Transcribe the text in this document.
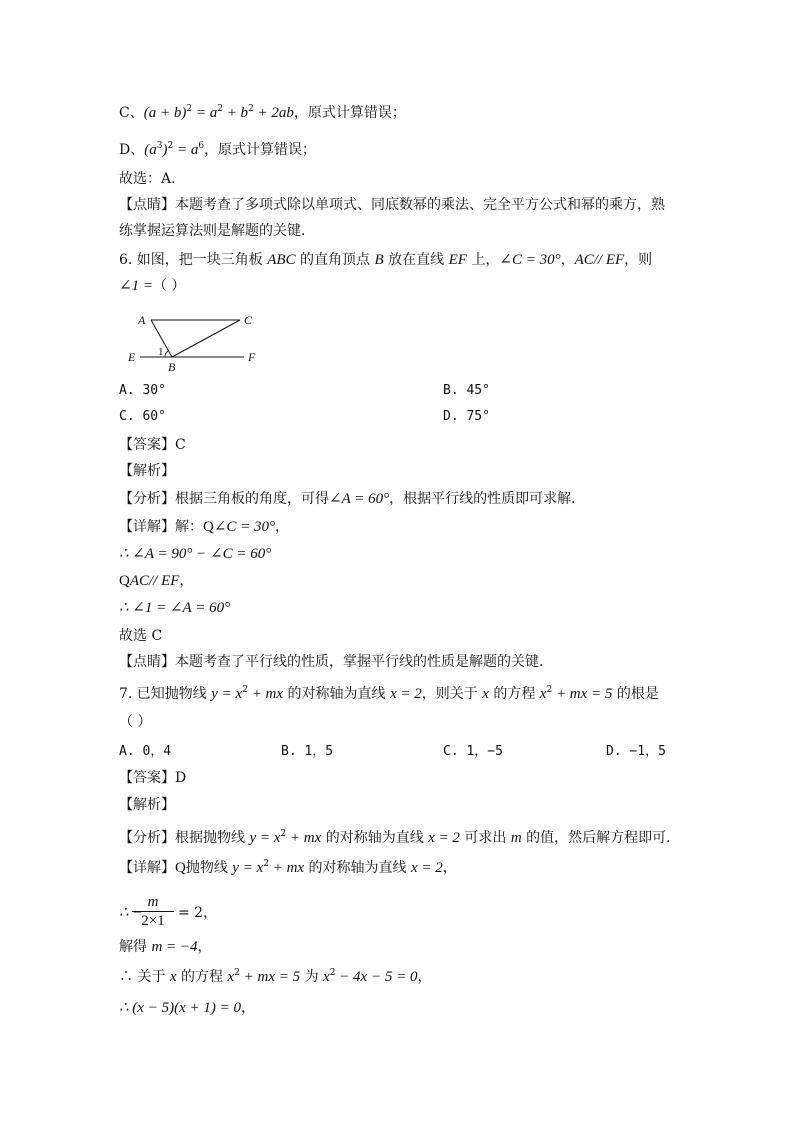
C、$(a + b)^2 = a^2 + b^2 + 2ab$，原式计算错误；
D、$(a^3)^2 = a^6$，原式计算错误；
故选：A．
【点睛】本题考查了多项式除以单项式、同底数幂的乘法、完全平方公式和幂的乘方，熟
练掌握运算法则是解题的关键．
6. 如图，把一块三角板 ABC 的直角顶点 B 放在直线 EF 上，∠C = 30°，AC// EF，则
∠1 =（ ）
【答案】C
【解析】
【分析】根据三角板的角度，可得∠A = 60°，根据平行线的性质即可求解．
【详解】解：Q∠C = 30°，
∴ ∠A = 90° − ∠C = 60°
QAC// EF，
∴ ∠1 = ∠A = 60°
故选 C
【点睛】本题考查了平行线的性质，掌握平行线的性质是解题的关键．
7. 已知抛物线 $y = x^2$ + mx 的对称轴为直线 x = 2，则关于 x 的方程 $x^2$ + mx = 5 的根是
（ ）
【答案】D
【解析】
【分析】根据抛物线 $y = x^2$ + mx 的对称轴为直线 x = 2 可求出 m 的值，然后解方程即可．
【详解】Q抛物线 $y = x^2$ + mx 的对称轴为直线 x = 2，
∴ −
解得 m = −4，
∴ 关于 x 的方程 $x^2$ + mx = 5 为 $x^2 - 4x - 5 = 0$，
∴ (x − 5)(x + 1) = 0，
m
2×1 = 2，
A	C
E	F
B
1
A. 30°	B. 45°
C. 60°	D. 75°
A. 0，4	B. 1，5	C. 1，−5	D. −1，5
